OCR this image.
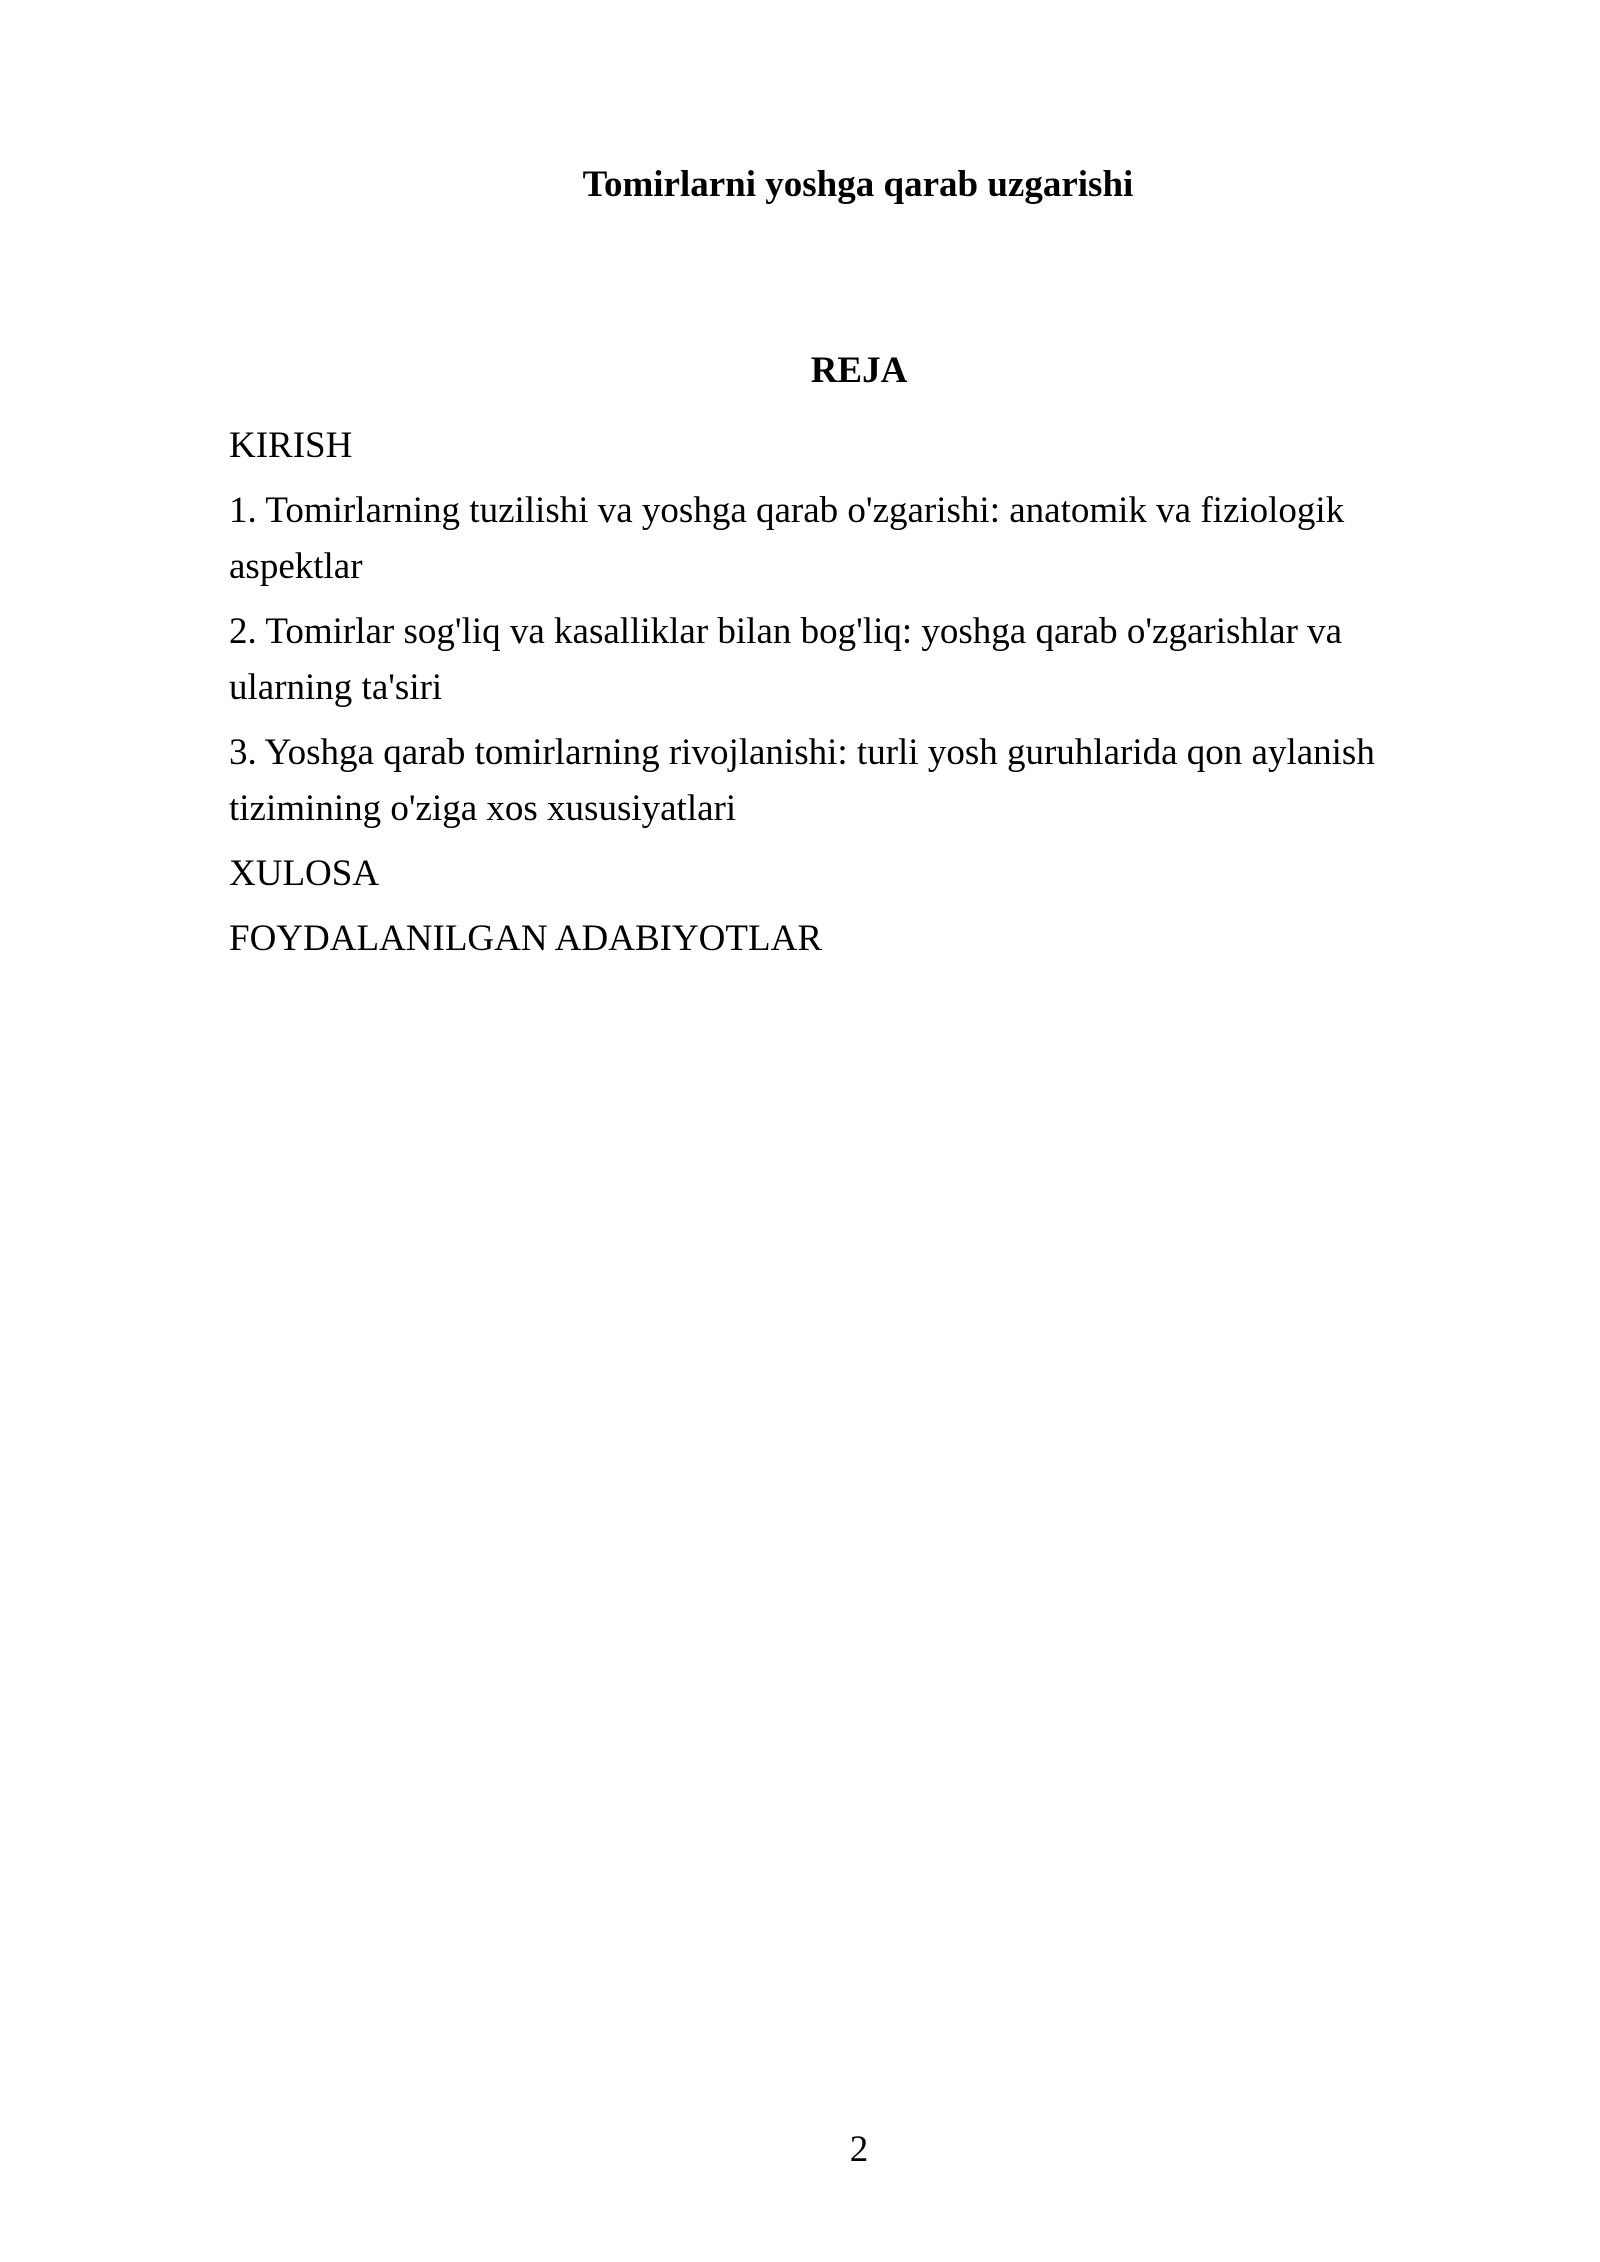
Tomirlarni yoshga qarab uzgarishi
REJA
KIRISH
1. Tomirlarning tuzilishi va yoshga qarab o'zgarishi: anatomik va fiziologik aspektlar
2. Tomirlar sog'liq va kasalliklar bilan bog'liq: yoshga qarab o'zgarishlar va ularning ta'siri
3. Yoshga qarab tomirlarning rivojlanishi: turli yosh guruhlarida qon aylanish tizimining o'ziga xos xususiyatlari
XULOSA
FOYDALANILGAN ADABIYOTLAR
2
